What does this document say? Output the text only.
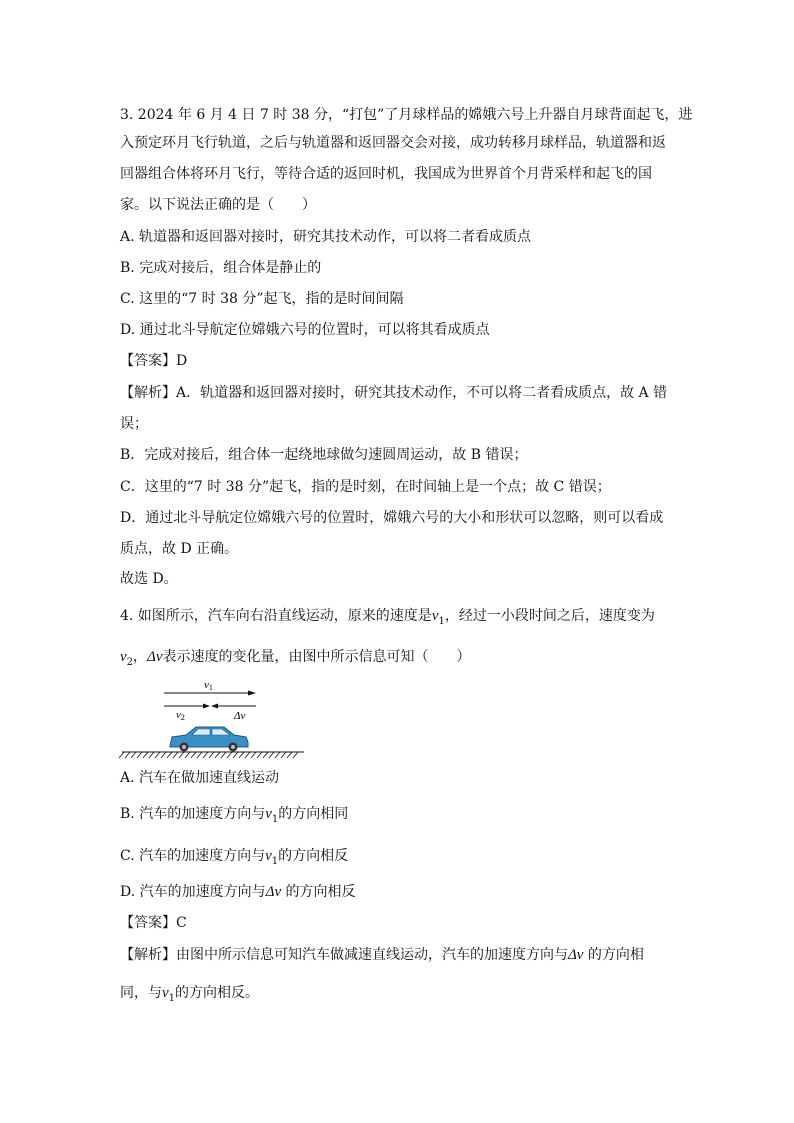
3. 2024 年 6 月 4 日 7 时 38 分，“打包”了月球样品的嫦娥六号上升器自月球背面起飞，进
入预定环月飞行轨道，之后与轨道器和返回器交会对接，成功转移月球样品，轨道器和返
回器组合体将环月飞行，等待合适的返回时机，我国成为世界首个月背采样和起飞的国
家。以下说法正确的是（　　）
A. 轨道器和返回器对接时，研究其技术动作，可以将二者看成质点
B. 完成对接后，组合体是静止的
C. 这里的“7 时 38 分”起飞，指的是时间间隔
D. 通过北斗导航定位嫦娥六号的位置时，可以将其看成质点
【答案】D
【解析】A．轨道器和返回器对接时，研究其技术动作，不可以将二者看成质点，故 A 错
误；
B．完成对接后，组合体一起绕地球做匀速圆周运动，故 B 错误；
C．这里的“7 时 38 分”起飞，指的是时刻，在时间轴上是一个点；故 C 错误；
D．通过北斗导航定位嫦娥六号的位置时，嫦娥六号的大小和形状可以忽略，则可以看成
质点，故 D 正确。
故选 D。
4. 如图所示，汽车向右沿直线运动，原来的速度是$v_1$，经过一小段时间之后，速度变为
$v_2$，Δv表示速度的变化量，由图中所示信息可知（　　）
v1
v2	Δv
A. 汽车在做加速直线运动
B. 汽车的加速度方向与$v_1$的方向相同
C. 汽车的加速度方向与$v_1$的方向相反
D. 汽车的加速度方向与Δv 的方向相反
【答案】C
【解析】由图中所示信息可知汽车做减速直线运动，汽车的加速度方向与Δv 的方向相
同，与$v_1$的方向相反。
